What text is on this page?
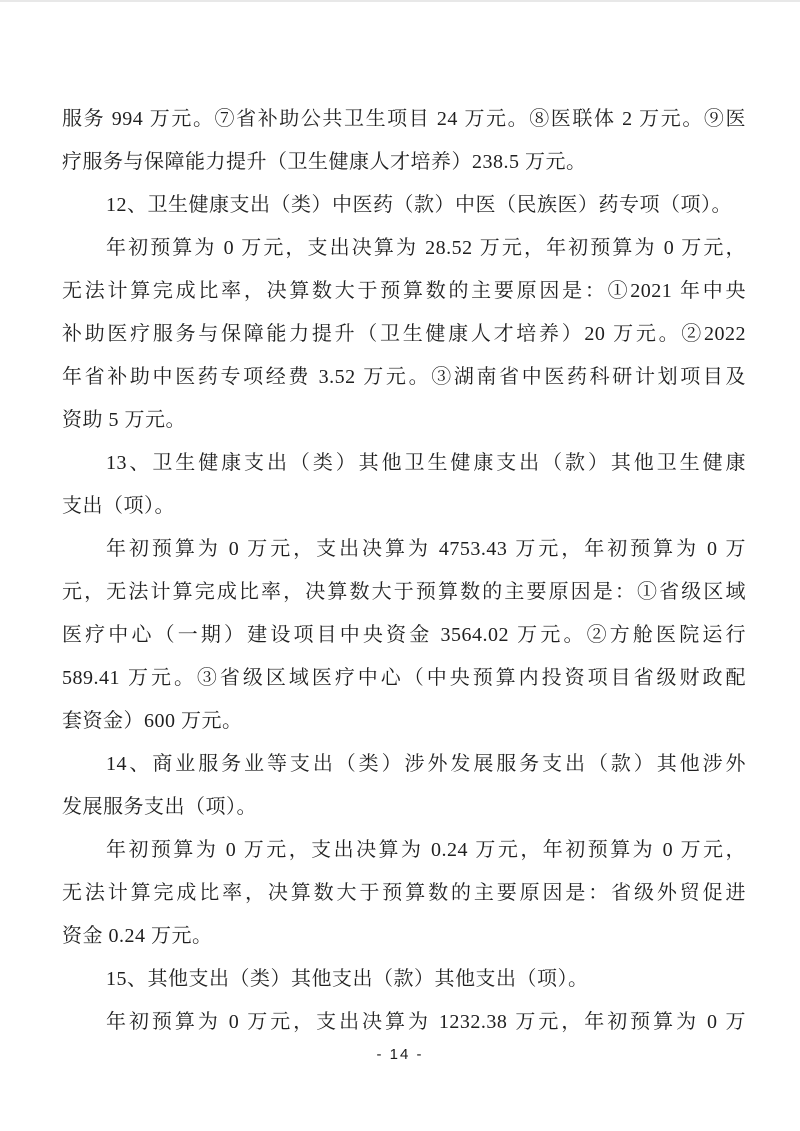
服务 994 万元。⑦省补助公共卫生项目 24 万元。⑧医联体 2 万元。⑨医
疗服务与保障能力提升（卫生健康人才培养）238.5 万元。

12、卫生健康支出（类）中医药（款）中医（民族医）药专项（项）。

年初预算为 0 万元，支出决算为 28.52 万元，年初预算为 0 万元，
无法计算完成比率，决算数大于预算数的主要原因是：①2021 年中央
补助医疗服务与保障能力提升（卫生健康人才培养）20 万元。②2022
年省补助中医药专项经费 3.52 万元。③湖南省中医药科研计划项目及
资助 5 万元。

13、卫生健康支出（类）其他卫生健康支出（款）其他卫生健康
支出（项）。

年初预算为 0 万元，支出决算为 4753.43 万元，年初预算为 0 万
元，无法计算完成比率，决算数大于预算数的主要原因是：①省级区域
医疗中心（一期）建设项目中央资金 3564.02 万元。②方舱医院运行
589.41 万元。③省级区域医疗中心（中央预算内投资项目省级财政配
套资金）600 万元。

14、商业服务业等支出（类）涉外发展服务支出（款）其他涉外
发展服务支出（项）。

年初预算为 0 万元，支出决算为 0.24 万元，年初预算为 0 万元，
无法计算完成比率，决算数大于预算数的主要原因是：省级外贸促进
资金 0.24 万元。

15、其他支出（类）其他支出（款）其他支出（项）。

年初预算为 0 万元，支出决算为 1232.38 万元，年初预算为 0 万

- 14 -
